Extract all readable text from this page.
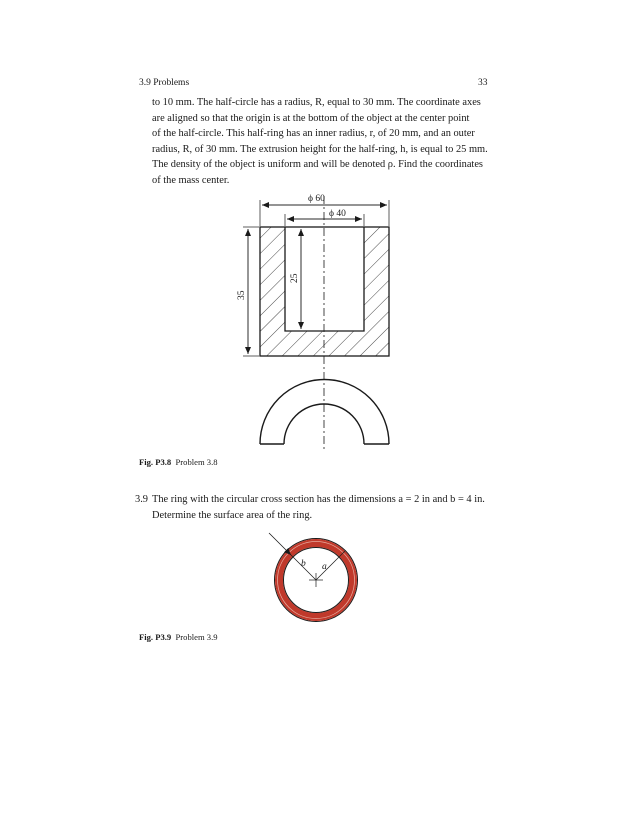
3.9 Problems	33
to 10 mm. The half-circle has a radius, R, equal to 30 mm. The coordinate axes
are aligned so that the origin is at the bottom of the object at the center point
of the half-circle. This half-ring has an inner radius, r, of 20 mm, and an outer
radius, R, of 30 mm. The extrusion height for the half-ring, h, is equal to 25 mm.
The density of the object is uniform and will be denoted ρ. Find the coordinates
of the mass center.
ϕ 60
ϕ 40
35
25
b a
Fig. P3.8 Problem 3.8
3.9 The ring with the circular cross section has the dimensions a = 2 in and b = 4 in.
Determine the surface area of the ring.
Fig. P3.9 Problem 3.9
